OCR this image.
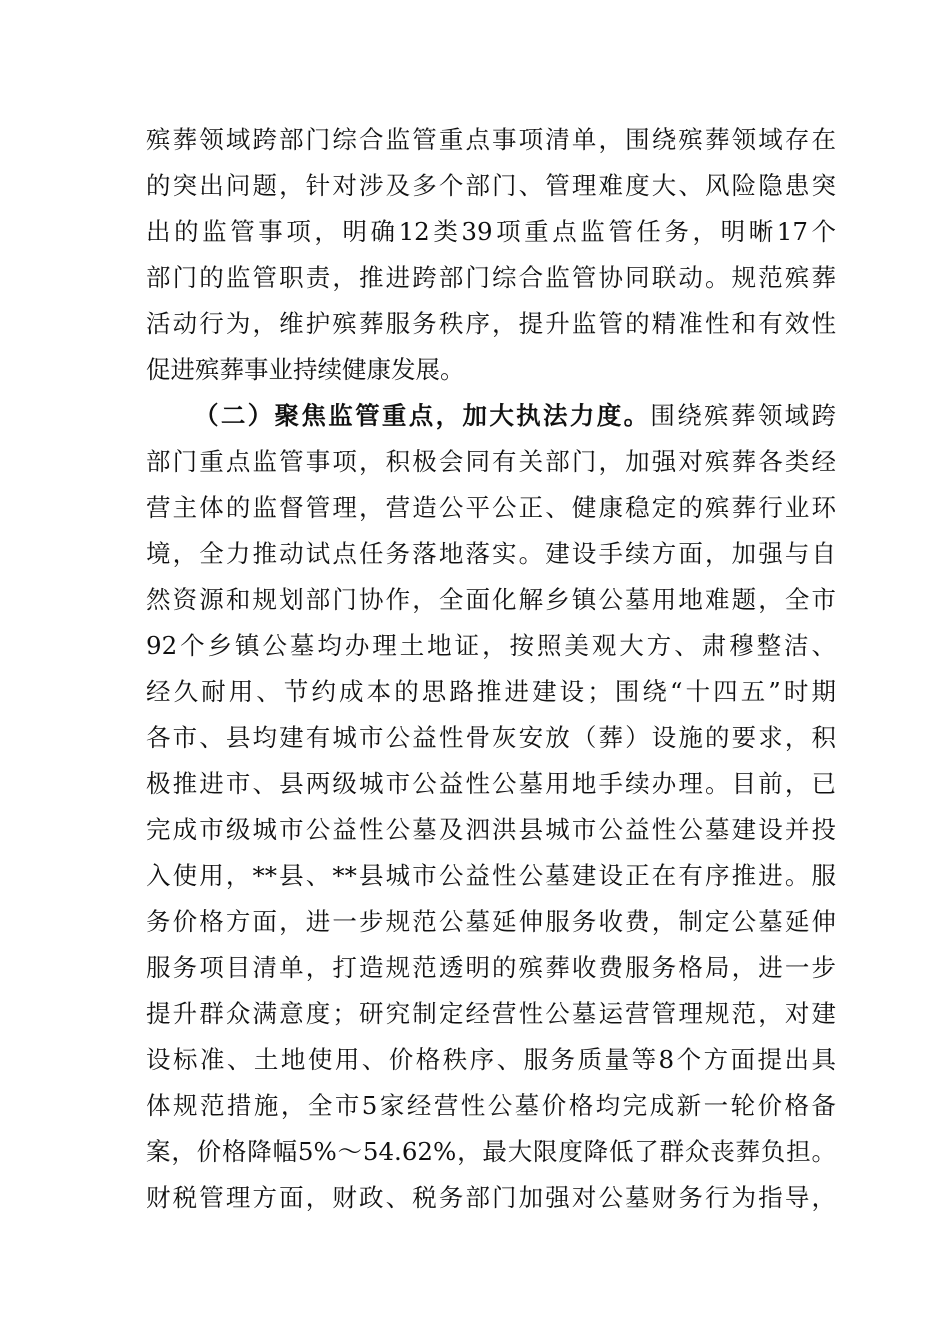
殡葬领域跨部门综合监管重点事项清单，围绕殡葬领域存在
的突出问题，针对涉及多个部门、管理难度大、风险隐患突
出的监管事项，明确12类39项重点监管任务，明晰17个
部门的监管职责，推进跨部门综合监管协同联动。规范殡葬
活动行为，维护殡葬服务秩序，提升监管的精准性和有效性
促进殡葬事业持续健康发展。
（二）聚焦监管重点，加大执法力度。围绕殡葬领域跨
部门重点监管事项，积极会同有关部门，加强对殡葬各类经
营主体的监督管理，营造公平公正、健康稳定的殡葬行业环
境，全力推动试点任务落地落实。建设手续方面，加强与自
然资源和规划部门协作，全面化解乡镇公墓用地难题，全市
92个乡镇公墓均办理土地证，按照美观大方、肃穆整洁、
经久耐用、节约成本的思路推进建设；围绕“十四五”时期
各市、县均建有城市公益性骨灰安放（葬）设施的要求，积
极推进市、县两级城市公益性公墓用地手续办理。目前，已
完成市级城市公益性公墓及泗洪县城市公益性公墓建设并投
入使用，**县、**县城市公益性公墓建设正在有序推进。服
务价格方面，进一步规范公墓延伸服务收费，制定公墓延伸
服务项目清单，打造规范透明的殡葬收费服务格局，进一步
提升群众满意度；研究制定经营性公墓运营管理规范，对建
设标准、土地使用、价格秩序、服务质量等8个方面提出具
体规范措施，全市5家经营性公墓价格均完成新一轮价格备
案，价格降幅5%～54.62%，最大限度降低了群众丧葬负担。
财税管理方面，财政、税务部门加强对公墓财务行为指导，
